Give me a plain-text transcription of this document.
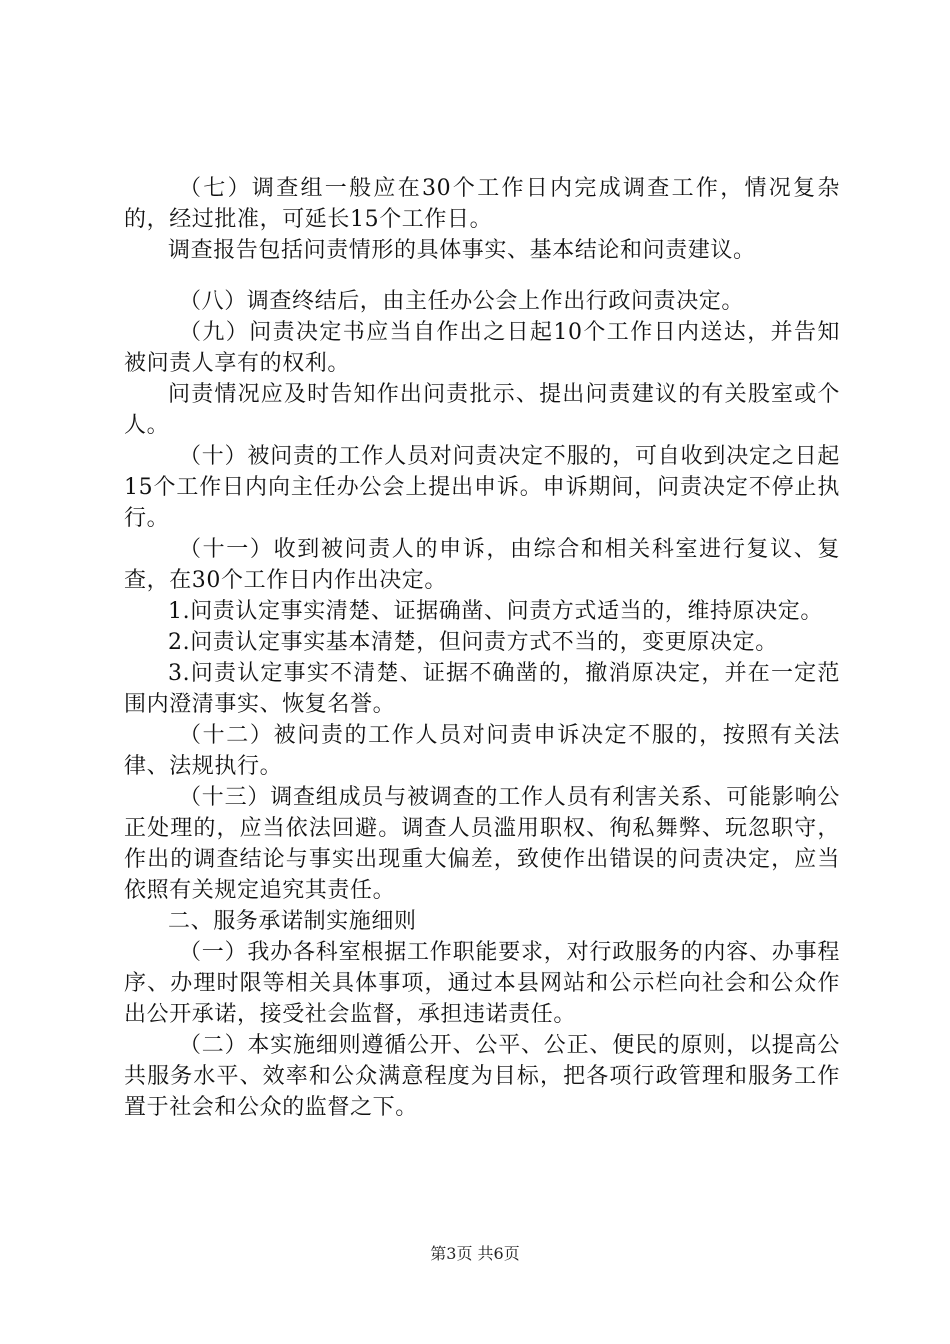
（七）调查组一般应在30个工作日内完成调查工作，情况复杂的，经过批准，可延长15个工作日。

调查报告包括问责情形的具体事实、基本结论和问责建议。

（八）调查终结后，由主任办公会上作出行政问责决定。

（九）问责决定书应当自作出之日起10个工作日内送达，并告知被问责人享有的权利。

问责情况应及时告知作出问责批示、提出问责建议的有关股室或个人。

（十）被问责的工作人员对问责决定不服的，可自收到决定之日起15个工作日内向主任办公会上提出申诉。申诉期间，问责决定不停止执行。

（十一）收到被问责人的申诉，由综合和相关科室进行复议、复查，在30个工作日内作出决定。

1.问责认定事实清楚、证据确凿、问责方式适当的，维持原决定。

2.问责认定事实基本清楚，但问责方式不当的，变更原决定。

3.问责认定事实不清楚、证据不确凿的，撤消原决定，并在一定范围内澄清事实、恢复名誉。

（十二）被问责的工作人员对问责申诉决定不服的，按照有关法律、法规执行。

（十三）调查组成员与被调查的工作人员有利害关系、可能影响公正处理的，应当依法回避。调查人员滥用职权、徇私舞弊、玩忽职守，作出的调查结论与事实出现重大偏差，致使作出错误的问责决定，应当依照有关规定追究其责任。

二、服务承诺制实施细则

（一）我办各科室根据工作职能要求，对行政服务的内容、办事程序、办理时限等相关具体事项，通过本县网站和公示栏向社会和公众作出公开承诺，接受社会监督，承担违诺责任。

（二）本实施细则遵循公开、公平、公正、便民的原则，以提高公共服务水平、效率和公众满意程度为目标，把各项行政管理和服务工作置于社会和公众的监督之下。

第3页 共6页
